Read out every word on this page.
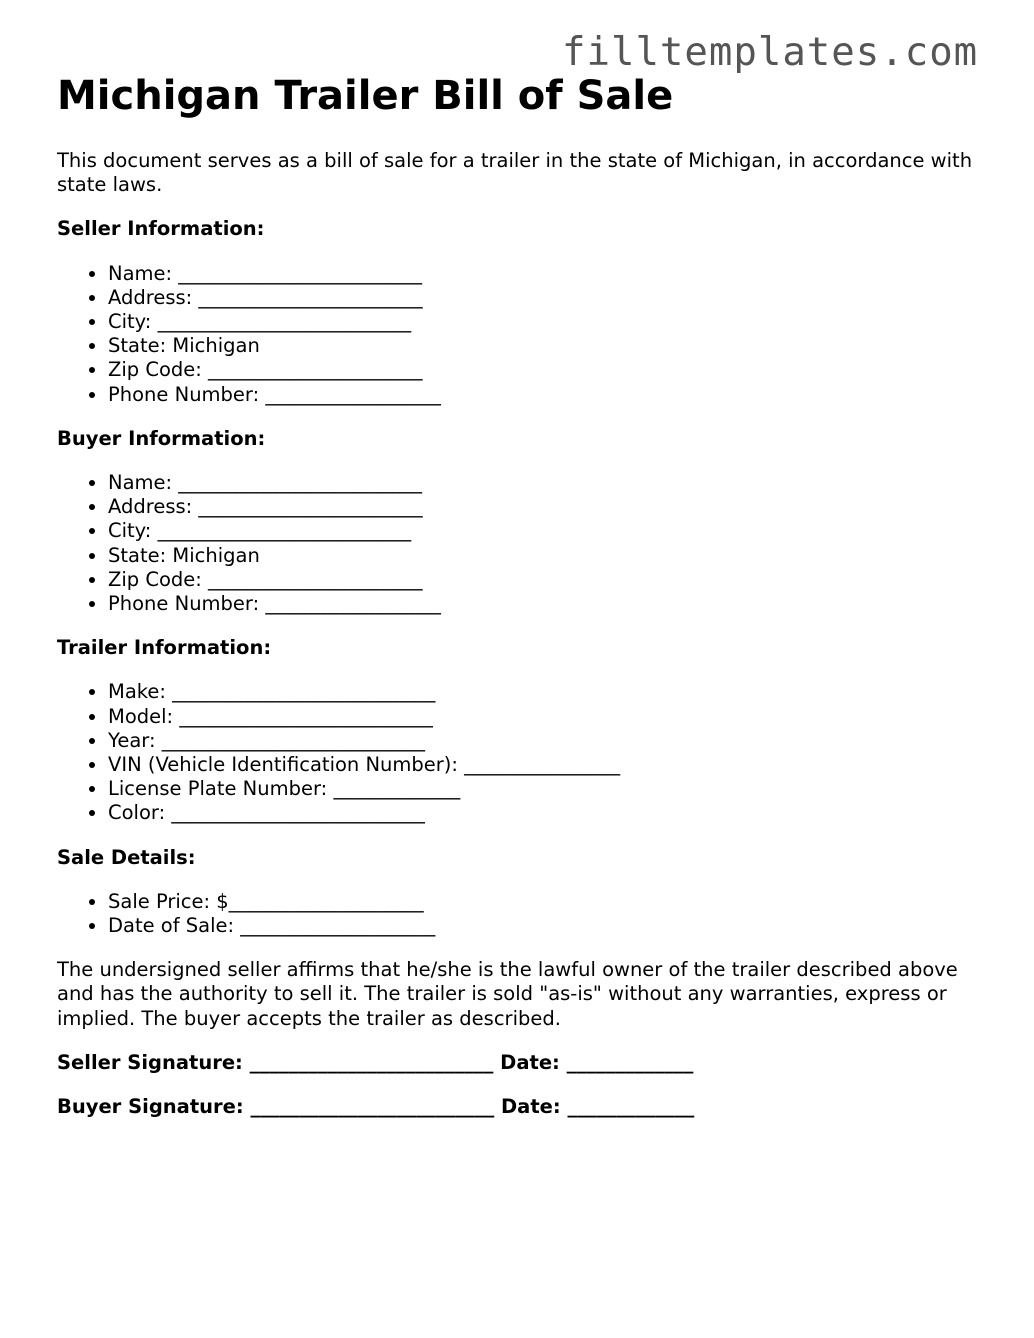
filltemplates.com
Michigan Trailer Bill of Sale

This document serves as a bill of sale for a trailer in the state of Michigan, in accordance with state laws.

Seller Information:

• Name: _________________________
• Address: _______________________
• City: __________________________
• State: Michigan
• Zip Code: ______________________
• Phone Number: __________________

Buyer Information:

• Name: _________________________
• Address: _______________________
• City: __________________________
• State: Michigan
• Zip Code: ______________________
• Phone Number: __________________

Trailer Information:

• Make: ___________________________
• Model: __________________________
• Year: ___________________________
• VIN (Vehicle Identification Number): ________________
• License Plate Number: _____________
• Color: __________________________

Sale Details:

• Sale Price: $____________________
• Date of Sale: ____________________

The undersigned seller affirms that he/she is the lawful owner of the trailer described above and has the authority to sell it. The trailer is sold "as-is" without any warranties, express or implied. The buyer accepts the trailer as described.

Seller Signature: _________________________ Date: _____________

Buyer Signature: _________________________ Date: _____________
